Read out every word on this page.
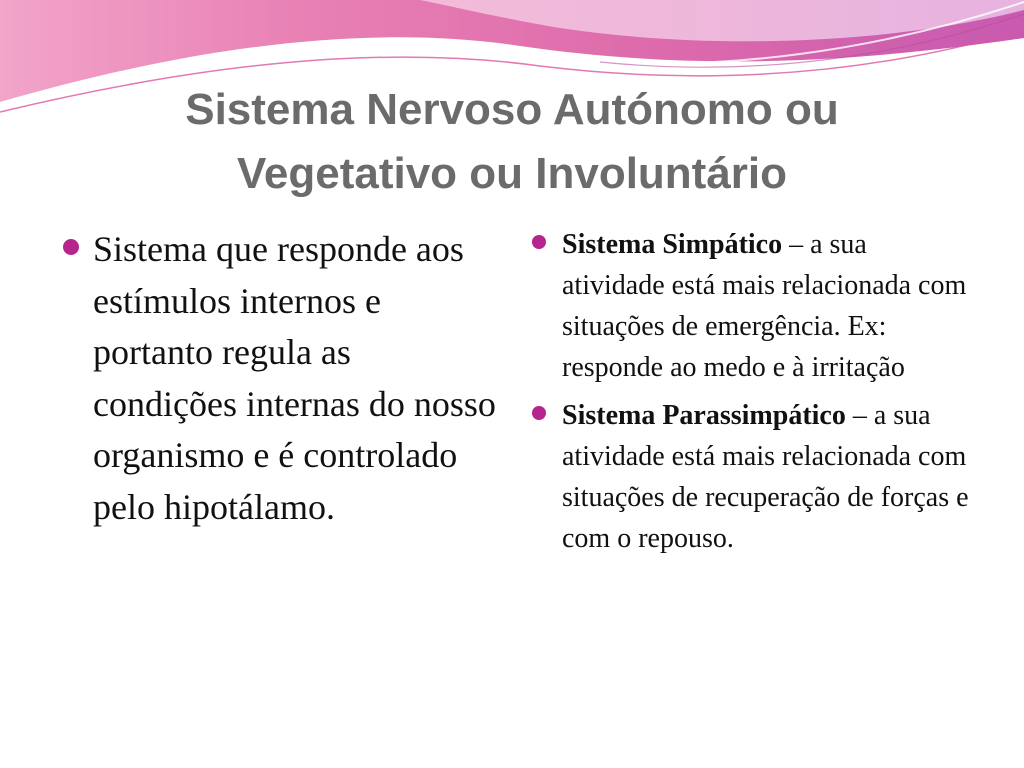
Sistema Nervoso Autónomo ou
Vegetativo ou Involuntário

Sistema que responde aos estímulos internos e portanto regula as condições internas do nosso organismo e é controlado pelo hipotálamo.

Sistema Simpático – a sua atividade está mais relacionada com situações de emergência. Ex: responde ao medo e à irritação

Sistema Parassimpático – a sua atividade está mais relacionada com situações de recuperação de forças e com o repouso.
